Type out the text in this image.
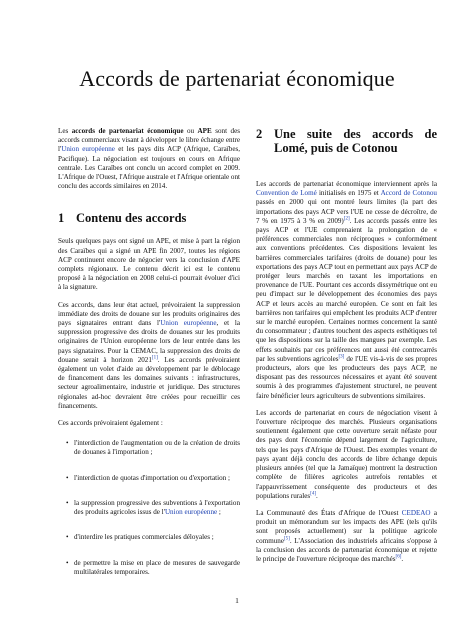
Accords de partenariat économique

Les accords de partenariat économique ou APE sont des accords commerciaux visant à développer le libre échange entre l'Union européenne et les pays dits ACP (Afrique, Caraïbes, Pacifique). La négociation est toujours en cours en Afrique centrale. Les Caraïbes ont conclu un accord complet en 2009. L'Afrique de l'Ouest, l'Afrique australe et l'Afrique orientale ont conclu des accords similaires en 2014.

1 Contenu des accords

Seuls quelques pays ont signé un APE, et mise à part la région des Caraïbes qui a signé un APE fin 2007, toutes les régions ACP continuent encore de négocier vers la conclusion d'APE complets régionaux. Le contenu décrit ici est le contenu proposé à la négociation en 2008 celui-ci pourrait évoluer d'ici à la signature.

Ces accords, dans leur état actuel, prévoiraient la suppression immédiate des droits de douane sur les produits originaires des pays signataires entrant dans l'Union européenne, et la suppression progressive des droits de douanes sur les produits originaires de l'Union européenne lors de leur entrée dans les pays signataires. Pour la CEMAC, la suppression des droits de douane serait à horizon 2021[1]. Les accords prévoiraient également un volet d'aide au développement par le déblocage de financement dans les domaines suivants : infrastructures, secteur agroalimentaire, industrie et juridique. Des structures régionales ad-hoc devraient être créées pour recueillir ces financements.

Ces accords prévoiraient également :

• l'interdiction de l'augmentation ou de la création de droits de douanes à l'importation ;
• l'interdiction de quotas d'importation ou d'exportation ;
• la suppression progressive des subventions à l'exportation des produits agricoles issus de l'Union européenne ;
• d'interdire les pratiques commerciales déloyales ;
• de permettre la mise en place de mesures de sauvegarde multilatérales temporaires.
2 Une suite des accords de Lomé, puis de Cotonou

Les accords de partenariat économique interviennent après la Convention de Lomé initialisés en 1975 et Accord de Cotonou passés en 2000 qui ont montré leurs limites (la part des importations des pays ACP vers l'UE ne cesse de décroître, de 7 % en 1975 à 3 % en 2009)[2]. Les accords passés entre les pays ACP et l'UE comprenaient la prolongation de « préférences commerciales non réciproques » conformément aux conventions précédentes. Ces dispositions levaient les barrières commerciales tarifaires (droits de douane) pour les exportations des pays ACP tout en permettant aux pays ACP de protéger leurs marchés en taxant les importations en provenance de l'UE. Pourtant ces accords dissymétrique ont eu peu d'impact sur le développement des économies des pays ACP et leurs accès au marché européen. Ce sont en fait les barrières non tarifaires qui empêchent les produits ACP d'entrer sur le marché européen. Certaines normes concernent la santé du consommateur ; d'autres touchent des aspects esthétiques tel que les dispositions sur la taille des mangues par exemple. Les effets souhaités par ces préférences ont aussi été contrecarrés par les subventions agricoles[3] de l'UE vis-à-vis de ses propres producteurs, alors que les producteurs des pays ACP, ne disposant pas des ressources nécessaires et ayant été souvent soumis à des programmes d'ajustement structurel, ne peuvent faire bénéficier leurs agriculteurs de subventions similaires.

Les accords de partenariat en cours de négociation visent à l'ouverture réciproque des marchés. Plusieurs organisations soutiennent également que cette ouverture serait néfaste pour des pays dont l'économie dépend largement de l'agriculture, tels que les pays d'Afrique de l'Ouest. Des exemples venant de pays ayant déjà conclu des accords de libre échange depuis plusieurs années (tel que la Jamaïque) montrent la destruction complète de filières agricoles autrefois rentables et l'appauvrissement conséquente des producteurs et des populations rurales[4].

La Communauté des États d'Afrique de l'Ouest CEDEAO a produit un mémorandum sur les impacts des APE (tels qu'ils sont proposés actuellement) sur la politique agricole commune[5]. L'Association des industriels africains s'oppose à la conclusion des accords de partenariat économique et rejette le principe de l'ouverture réciproque des marchés[6].

1
